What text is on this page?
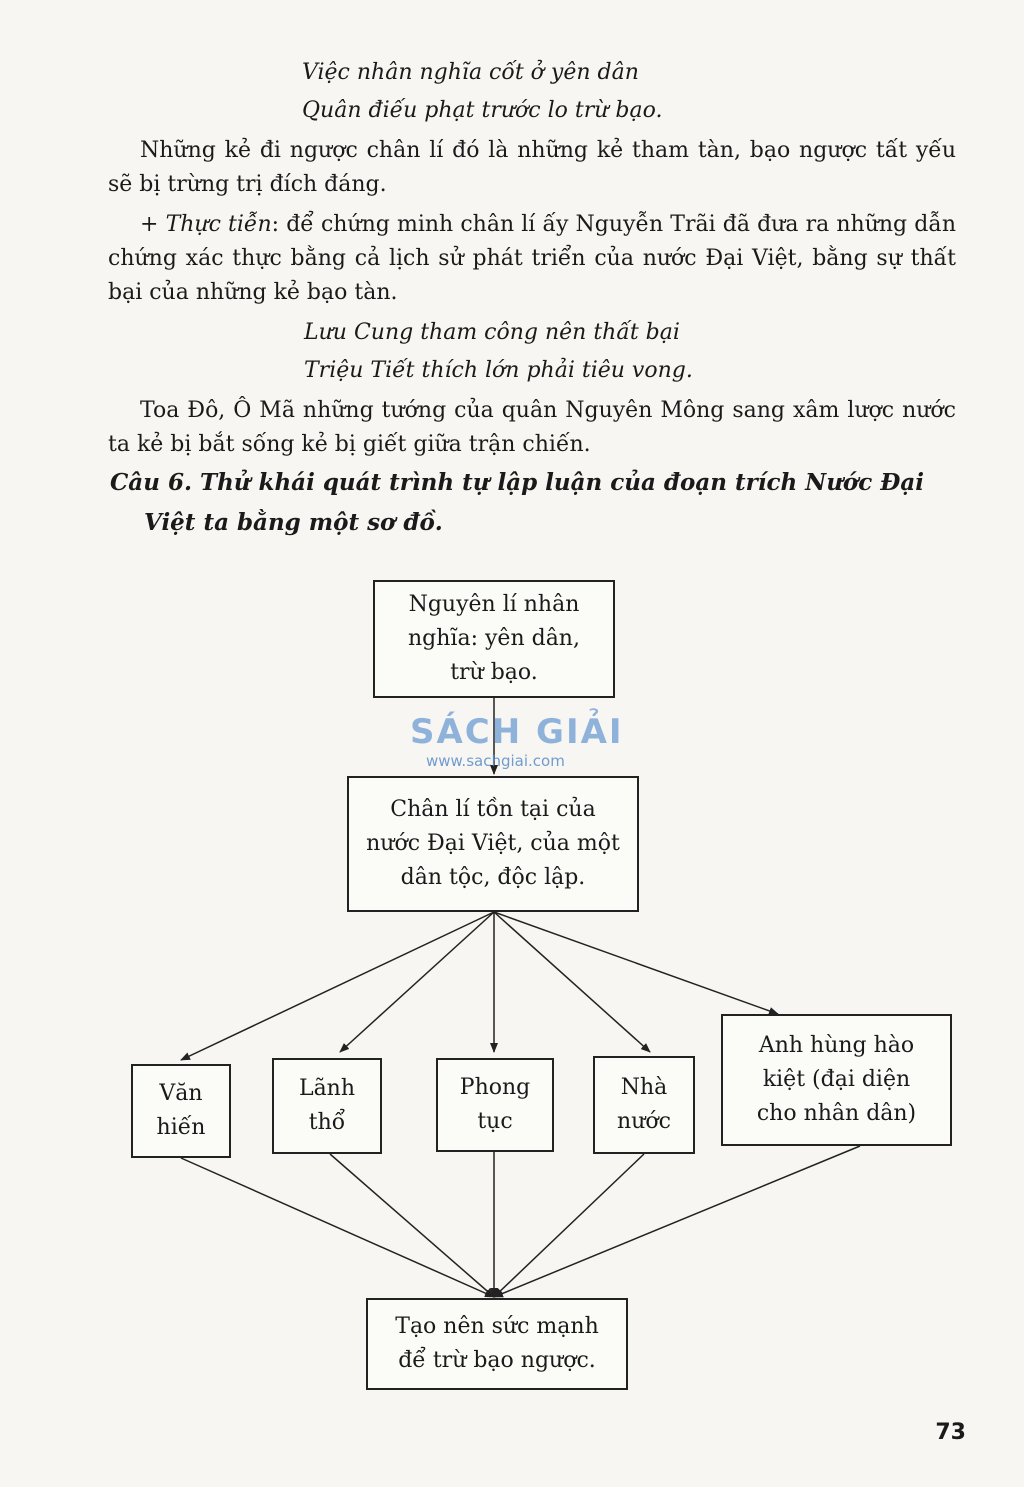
Việc nhân nghĩa cốt ở yên dân
Quân điếu phạt trước lo trừ bạo.
Những kẻ đi ngược chân lí đó là những kẻ tham tàn, bạo ngược tất yếu sẽ bị trừng trị đích đáng.
+ Thực tiễn: để chứng minh chân lí ấy Nguyễn Trãi đã đưa ra những dẫn chứng xác thực bằng cả lịch sử phát triển của nước Đại Việt, bằng sự thất bại của những kẻ bạo tàn.
Lưu Cung tham công nên thất bại
Triệu Tiết thích lớn phải tiêu vong.
Toa Đô, Ô Mã những tướng của quân Nguyên Mông sang xâm lược nước ta kẻ bị bắt sống kẻ bị giết giữa trận chiến.
Câu 6. Thử khái quát trình tự lập luận của đoạn trích Nước Đại
Việt ta bằng một sơ đồ.
Nguyên lí nhân
nghĩa: yên dân,
trừ bạo.
Chân lí tồn tại của
nước Đại Việt, của một
dân tộc, độc lập.
Văn
hiến
Lãnh
thổ
Phong
tục
Nhà
nước
Anh hùng hào
kiệt (đại diện
cho nhân dân)
Tạo nên sức mạnh
để trừ bạo ngược.
SÁCH GIẢI
www.sachgiai.com
73
